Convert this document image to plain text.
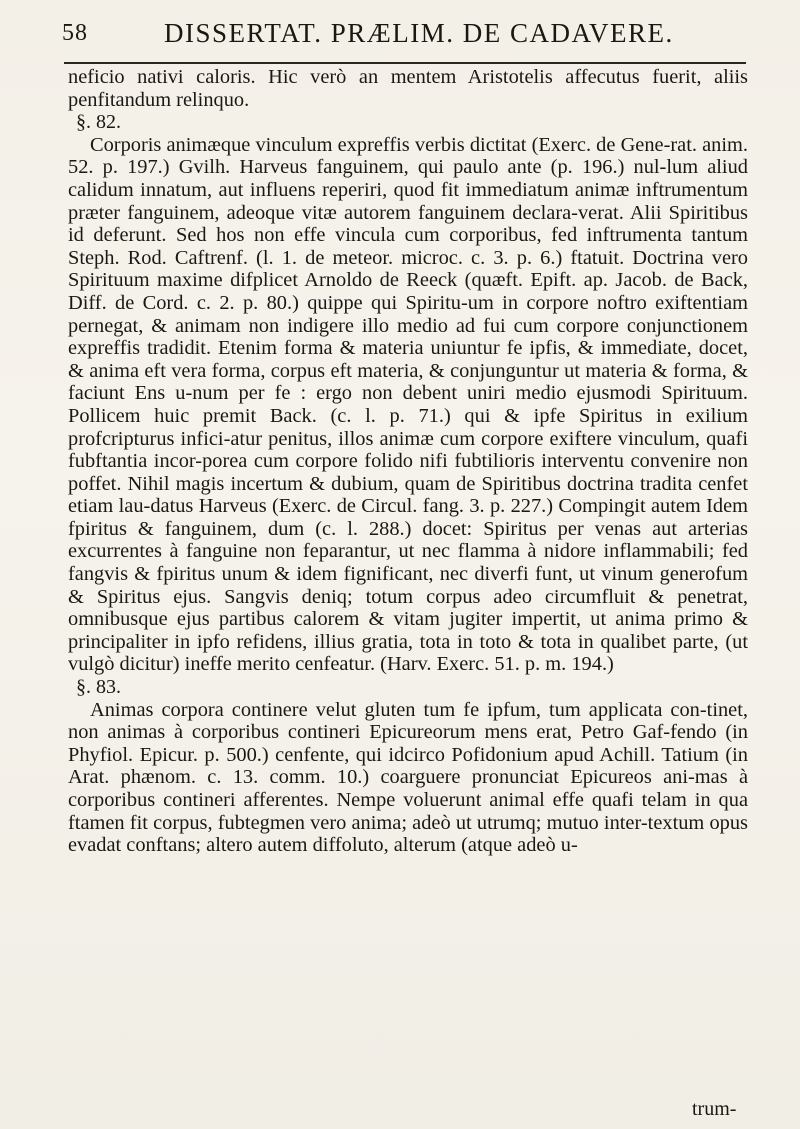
58	DISSERTAT. PRÆLIM. DE CADAVERE.

neficio nativi caloris. Hic verò an mentem Aristotelis affecutus fuerit, aliis penfitandum relinquo.

§. 82.

Corporis animæque vinculum expreffis verbis dictitat (Exerc. de Gene-rat. anim. 52. p. 197.) Gvilh. Harveus fanguinem, qui paulo ante (p. 196.) nul-lum aliud calidum innatum, aut influens reperiri, quod fit immediatum animæ inftrumentum præter fanguinem, adeoque vitæ autorem fanguinem declara-verat. Alii Spiritibus id deferunt. Sed hos non effe vincula cum corporibus, fed inftrumenta tantum Steph. Rod. Caftrenf. (l. 1. de meteor. microc. c. 3. p. 6.) ftatuit. Doctrina vero Spirituum maxime difplicet Arnoldo de Reeck (quæft. Epift. ap. Jacob. de Back, Diff. de Cord. c. 2. p. 80.) quippe qui Spiritu-um in corpore noftro exiftentiam pernegat, & animam non indigere illo medio ad fui cum corpore conjunctionem expreffis tradidit. Etenim forma & materia uniuntur fe ipfis, & immediate, docet, & anima eft vera forma, corpus eft materia, & conjunguntur ut materia & forma, & faciunt Ens u-num per fe : ergo non debent uniri medio ejusmodi Spirituum. Pollicem huic premit Back. (c. l. p. 71.) qui & ipfe Spiritus in exilium profcripturus infici-atur penitus, illos animæ cum corpore exiftere vinculum, quafi fubftantia incor-porea cum corpore folido nifi fubtilioris interventu convenire non poffet. Nihil magis incertum & dubium, quam de Spiritibus doctrina tradita cenfet etiam lau-datus Harveus (Exerc. de Circul. fang. 3. p. 227.) Compingit autem Idem fpiritus & fanguinem, dum (c. l. 288.) docet: Spiritus per venas aut arterias excurrentes à fanguine non feparantur, ut nec flamma à nidore inflammabili; fed fangvis & fpiritus unum & idem fignificant, nec diverfi funt, ut vinum generofum & Spiritus ejus. Sangvis deniq; totum corpus adeo circumfluit & penetrat, omnibusque ejus partibus calorem & vitam jugiter impertit, ut anima primo & principaliter in ipfo refidens, illius gratia, tota in toto & tota in qualibet parte, (ut vulgò dicitur) ineffe merito cenfeatur. (Harv. Exerc. 51. p. m. 194.)

§. 83.

Animas corpora continere velut gluten tum fe ipfum, tum applicata con-tinet, non animas à corporibus contineri Epicureorum mens erat, Petro Gaf-fendo (in Phyfiol. Epicur. p. 500.) cenfente, qui idcirco Pofidonium apud Achill. Tatium (in Arat. phænom. c. 13. comm. 10.) coarguere pronunciat Epicureos ani-mas à corporibus contineri afferentes. Nempe voluerunt animal effe quafi telam in qua ftamen fit corpus, fubtegmen vero anima; adeò ut utrumq; mutuo inter-textum opus evadat conftans; altero autem diffoluto, alterum (atque adeò u-

trum-
